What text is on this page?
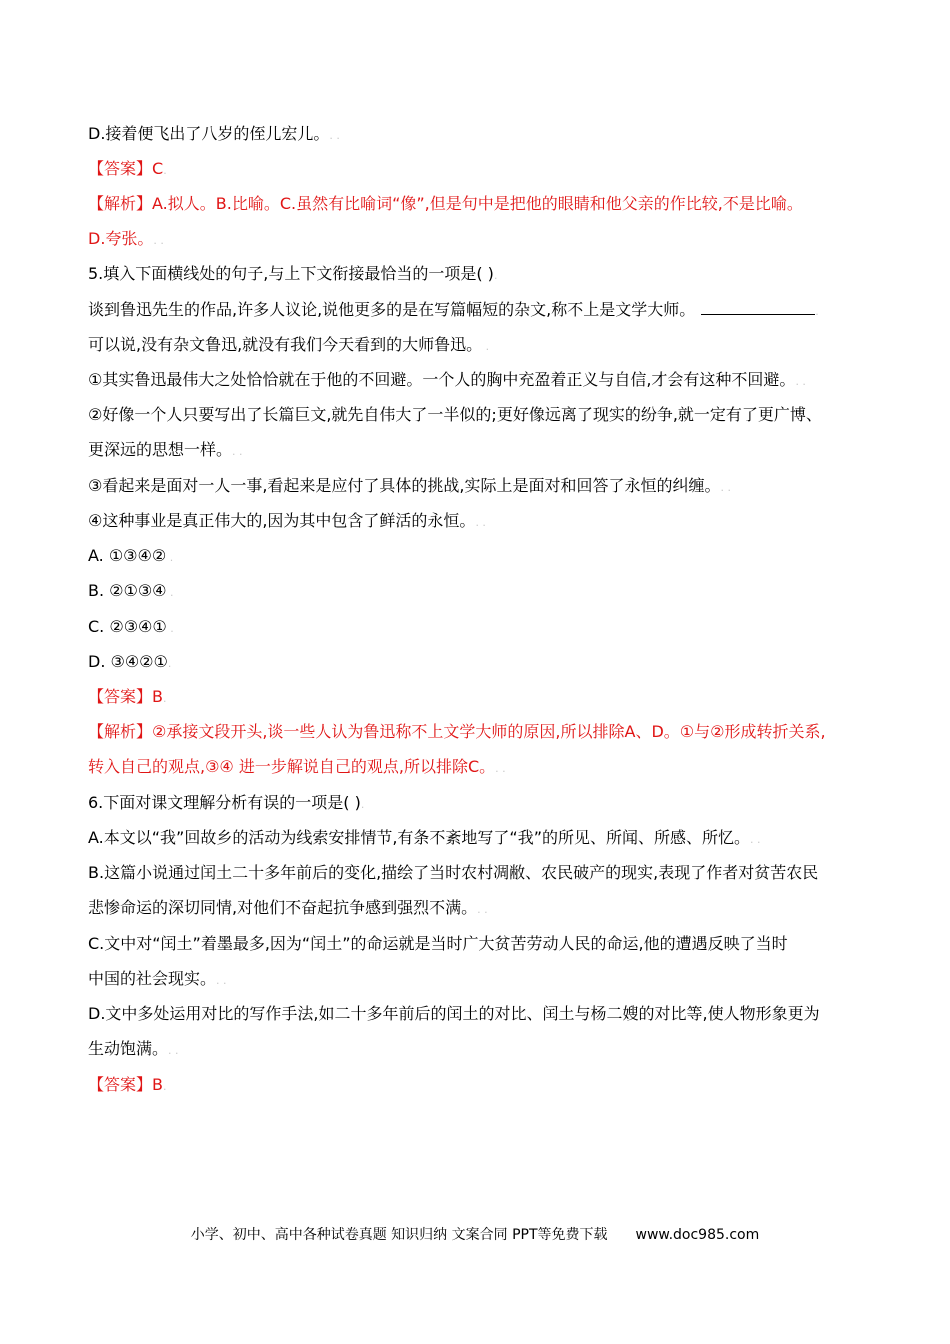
D.接着便飞出了八岁的侄儿宏儿。. .
【答案】C.
【解析】A.拟人。B.比喻。C.虽然有比喻词“像”,但是句中是把他的眼睛和他父亲的作比较,不是比喻。
D.夸张。. .
5.填入下面横线处的句子,与上下文衔接最恰当的一项是( ).
谈到鲁迅先生的作品,许多人议论,说他更多的是在写篇幅短的杂文,称不上是文学大师。	.
可以说,没有杂文鲁迅,就没有我们今天看到的大师鲁迅。 .
①其实鲁迅最伟大之处恰恰就在于他的不回避。一个人的胸中充盈着正义与自信,才会有这种不回避。. .
②好像一个人只要写出了长篇巨文,就先自伟大了一半似的;更好像远离了现实的纷争,就一定有了更广博、
更深远的思想一样。. .
③看起来是面对一人一事,看起来是应付了具体的挑战,实际上是面对和回答了永恒的纠缠。. .
④这种事业是真正伟大的,因为其中包含了鲜活的永恒。. .
A. ①③④② .
B. ②①③④ .
C. ②③④① .
D. ③④②①.
【答案】B.
【解析】②承接文段开头,谈一些人认为鲁迅称不上文学大师的原因,所以排除A、D。①与②形成转折关系,
转入自己的观点,③④ 进一步解说自己的观点,所以排除C。. .
6.下面对课文理解分析有误的一项是( ).
A.本文以“我”回故乡的活动为线索安排情节,有条不紊地写了“我”的所见、所闻、所感、所忆。. .
B.这篇小说通过闰土二十多年前后的变化,描绘了当时农村凋敝、农民破产的现实,表现了作者对贫苦农民
悲惨命运的深切同情,对他们不奋起抗争感到强烈不满。. .
C.文中对“闰土”着墨最多,因为“闰土”的命运就是当时广大贫苦劳动人民的命运,他的遭遇反映了当时
中国的社会现实。. .
D.文中多处运用对比的写作手法,如二十多年前后的闰土的对比、闰土与杨二嫂的对比等,使人物形象更为
生动饱满。. .
【答案】B.
小学、初中、高中各种试卷真题 知识归纳 文案合同 PPT等免费下载 www.doc985.com
